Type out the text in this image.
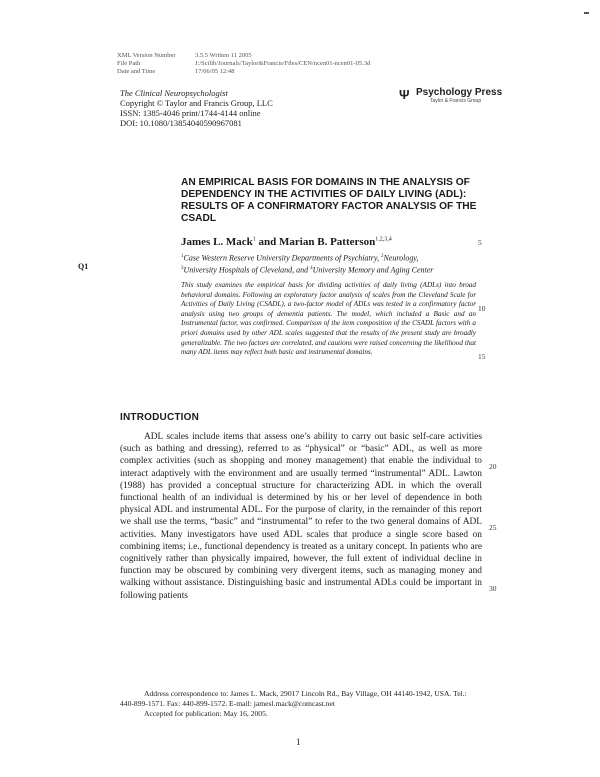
XML Version Number
File Path
Date and Time
3.5.5 Written 11 2005
J:/Scilib/Journals/Taylor&Francis/Files/CEN/ncen01-ncen01-05.3d
17/06/05 12:48
The Clinical Neuropsychologist
Copyright © Taylor and Francis Group, LLC
ISSN: 1385-4046 print/1744-4144 online
DOI: 10.1080/13854040590967081
Ψ Psychology Press
Taylor & Francis Group
AN EMPIRICAL BASIS FOR DOMAINS IN THE ANALYSIS OF DEPENDENCY IN THE ACTIVITIES OF DAILY LIVING (ADL): RESULTS OF A CONFIRMATORY FACTOR ANALYSIS OF THE CSADL
James L. Mack$^1$ and Marian B. Patterson$^{1,2,3,4}$	5
$^1$Case Western Reserve University Departments of Psychiatry, $^2$Neurology,
$^3$University Hospitals of Cleveland, and $^4$University Memory and Aging Center
Q1
This study examines the empirical basis for dividing activities of daily living (ADLs) into broad behavioral domains. Following an exploratory factor analysis of scales from the Cleveland Scale for Activities of Daily Living (CSADL), a two-factor model of ADLs was tested in a confirmatory factor analysis using two groups of dementia patients. The model, which included a Basic and an Instrumental factor, was confirmed. Comparison of the item composition of the CSADL factors with a priori domains used by other ADL scales suggested that the results of the present study are broadly generalizable. The two factors are correlated, and cautions were raised concerning the likelihood that many ADL items may reflect both basic and instrumental domains.
10
15
INTRODUCTION

ADL scales include items that assess one’s ability to carry out basic self-care activities (such as bathing and dressing), referred to as “physical” or “basic” ADL, as well as more complex activities (such as shopping and money management) that enable the individual to interact adaptively with the environment and are usually termed “instrumental” ADL. Lawton (1988) has provided a conceptual structure for characterizing ADL in which the overall functional health of an individual is determined by his or her level of dependence in both physical ADL and instrumental ADL. For the purpose of clarity, in the remainder of this report we shall use the terms, “basic” and “instrumental” to refer to the two general domains of ADL activities. Many investigators have used ADL scales that produce a single score based on combining items; i.e., functional dependency is treated as a unitary concept. In patients who are cognitively rather than physically impaired, however, the full extent of individual decline in function may be obscured by combining very divergent items, such as managing money and walking without assistance. Distinguishing basic and instrumental ADLs could be important in following patients

20
25
30
Address correspondence to: James L. Mack, 29017 Lincoln Rd., Bay Village, OH 44140-1942, USA. Tel.: 440-899-1571. Fax: 440-899-1572. E-mail: jamesl.mack@comcast.net
Accepted for publication: May 16, 2005.
1
